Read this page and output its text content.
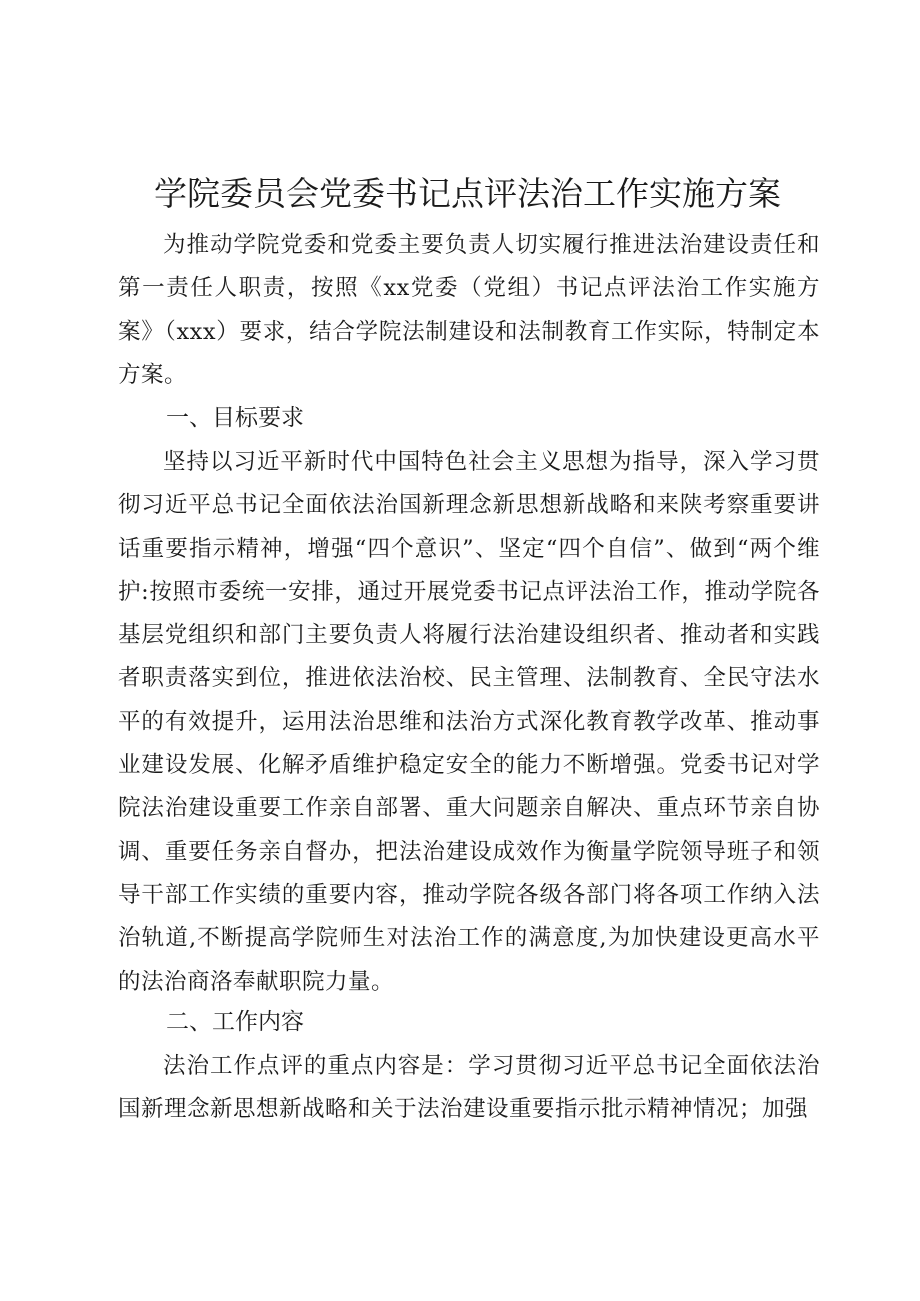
学院委员会党委书记点评法治工作实施方案

为推动学院党委和党委主要负责人切实履行推进法治建设责任和第一责任人职责，按照《xx党委（党组）书记点评法治工作实施方案》（xxx）要求，结合学院法制建设和法制教育工作实际，特制定本方案。

一、目标要求

坚持以习近平新时代中国特色社会主义思想为指导，深入学习贯彻习近平总书记全面依法治国新理念新思想新战略和来陕考察重要讲话重要指示精神，增强“四个意识”、坚定“四个自信”、做到“两个维护:按照市委统一安排，通过开展党委书记点评法治工作，推动学院各基层党组织和部门主要负责人将履行法治建设组织者、推动者和实践者职责落实到位，推进依法治校、民主管理、法制教育、全民守法水平的有效提升，运用法治思维和法治方式深化教育教学改革、推动事业建设发展、化解矛盾维护稳定安全的能力不断增强。党委书记对学院法治建设重要工作亲自部署、重大问题亲自解决、重点环节亲自协调、重要任务亲自督办，把法治建设成效作为衡量学院领导班子和领导干部工作实绩的重要内容，推动学院各级各部门将各项工作纳入法治轨道,不断提高学院师生对法治工作的满意度,为加快建设更高水平的法治商洛奉献职院力量。

二、工作内容

法治工作点评的重点内容是：学习贯彻习近平总书记全面依法治国新理念新思想新战略和关于法治建设重要指示批示精神情况；加强
